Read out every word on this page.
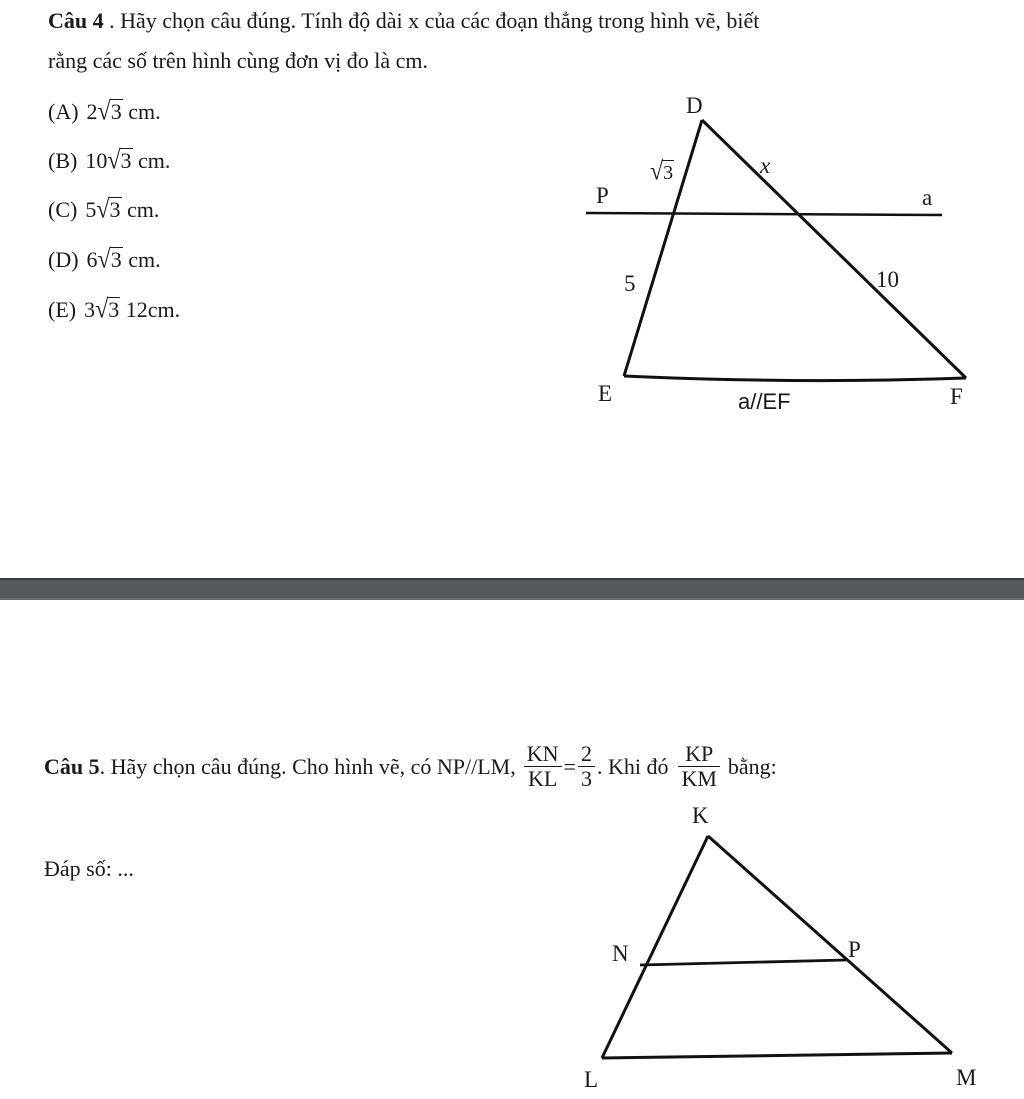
Câu 4 . Hãy chọn câu đúng. Tính độ dài x của các đoạn thẳng trong hình vẽ, biết
rằng các số trên hình cùng đơn vị đo là cm.
(A) 2√3 cm.
(B) 10√3 cm.
(C) 5√3 cm.
(D) 6√3 cm.
(E) 3√3 12cm.
D
P	a
x
√3
5	10
E	F
a//EF
Câu 5 . Hãy chọn câu đúng. Cho hình vẽ, có NP//LM, $\frac{KN}{KL} = \frac{2}{3}$ . Khi đó $\frac{KP}{KM}$ bằng:
Đáp số: ...
K
N	P
L	M
